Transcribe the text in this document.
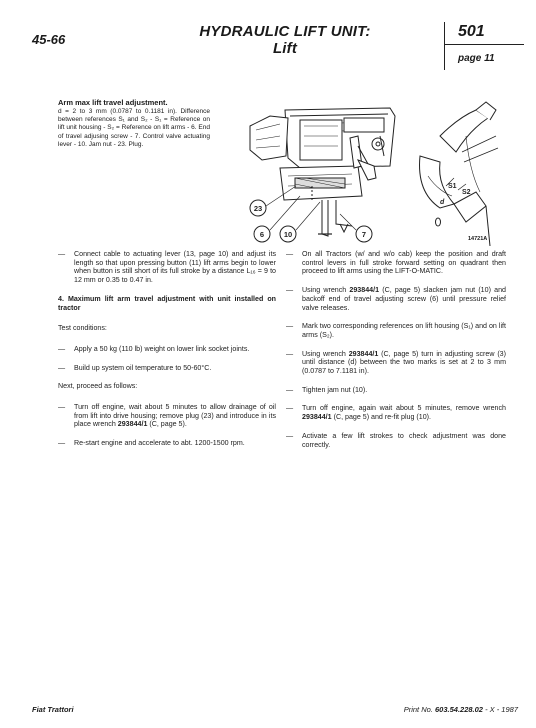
45-66	HYDRAULIC LIFT UNIT:
Lift
501
page 11
Arm max lift travel adjustment.
d = 2 to 3 mm (0.0787 to 0.1181 in). Difference between references S₁ and S₂ - S₁ = Reference on lift unit housing - S₂ = Reference on lift arms - 6. End of travel adjusing screw - 7. Control valve actuating lever - 10. Jam nut - 23. Plug.
23
6	10	7
S1
S2
d
14721A
— Connect cable to actuating lever (13, page 10) and adjust its length so that upon pressing button (11) lift arms begin to lower when button is still short of its full stroke by a distance L₁₆ = 9 to 12 mm or 0.35 to 0.47 in.
4. Maximum lift arm travel adjustment with unit installed on tractor
Test conditions:
— Apply a 50 kg (110 lb) weight on lower link socket joints.
— Build up system oil temperature to 50-60°C.
Next, proceed as follows:
— Turn off engine, wait about 5 minutes to allow drainage of oil from lift into drive housing; remove plug (23) and introduce in its place wrench 293844/1 (C, page 5).
— Re-start engine and accelerate to abt. 1200-1500 rpm.
— On all Tractors (w/ and w/o cab) keep the position and draft control levers in full stroke forward setting on quadrant then proceed to lift arms using the LIFT-O-MATIC.
— Using wrench 293844/1 (C, page 5) slacken jam nut (10) and backoff end of travel adjusting screw (6) until pressure relief valve releases.
— Mark two corresponding references on lift housing (S₁) and on lift arms (S₂).
— Using wrench 293844/1 (C, page 5) turn in adjusting screw (3) until distance (d) between the two marks is set at 2 to 3 mm (0.0787 to 7.1181 in).
— Tighten jam nut (10).
— Turn off engine, again wait about 5 minutes, remove wrench 293844/1 (C, page 5) and re-fit plug (10).
— Activate a few lift strokes to check adjustment was done correctly.
Fiat Trattori	Print No. 603.54.228.02 - X - 1987
